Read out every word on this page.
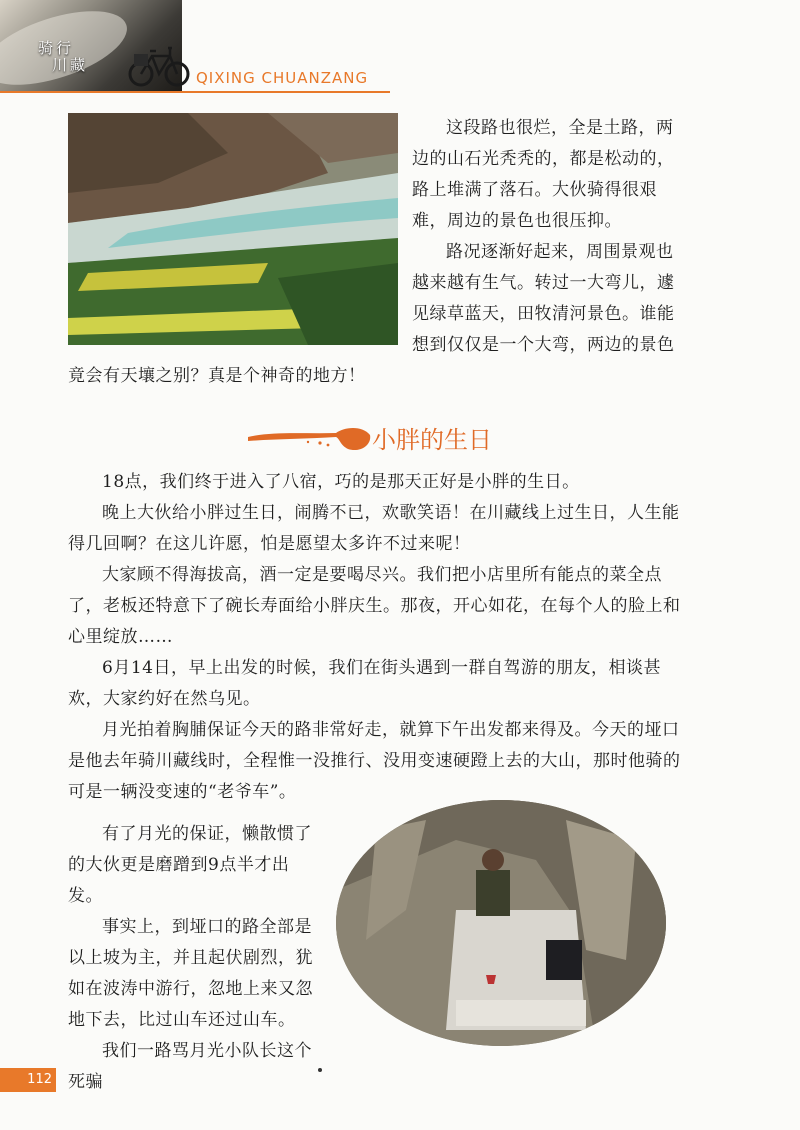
骑行
川藏
QIXING CHUANZANG

这段路也很烂，全是土路，两边的山石光秃秃的，都是松动的，路上堆满了落石。大伙骑得很艰难，周边的景色也很压抑。

路况逐渐好起来，周围景观也越来越有生气。转过一大弯儿，遽见绿草蓝天，田牧清河景色。谁能想到仅仅是一个大弯，两边的景色

竟会有天壤之别？真是个神奇的地方！

小胖的生日

18点，我们终于进入了八宿，巧的是那天正好是小胖的生日。

晚上大伙给小胖过生日，闹腾不已，欢歌笑语！在川藏线上过生日，人生能得几回啊？在这儿许愿，怕是愿望太多许不过来呢！

大家顾不得海拔高，酒一定是要喝尽兴。我们把小店里所有能点的菜全点了，老板还特意下了碗长寿面给小胖庆生。那夜，开心如花，在每个人的脸上和心里绽放……

6月14日，早上出发的时候，我们在街头遇到一群自驾游的朋友，相谈甚欢，大家约好在然乌见。

月光拍着胸脯保证今天的路非常好走，就算下午出发都来得及。今天的垭口是他去年骑川藏线时，全程惟一没推行、没用变速硬蹬上去的大山，那时他骑的可是一辆没变速的“老爷车”。

有了月光的保证，懒散惯了的大伙更是磨蹭到9点半才出发。

事实上，到垭口的路全部是以上坡为主，并且起伏剧烈，犹如在波涛中游行，忽地上来又忽地下去，比过山车还过山车。

我们一路骂月光小队长这个死骗

112
